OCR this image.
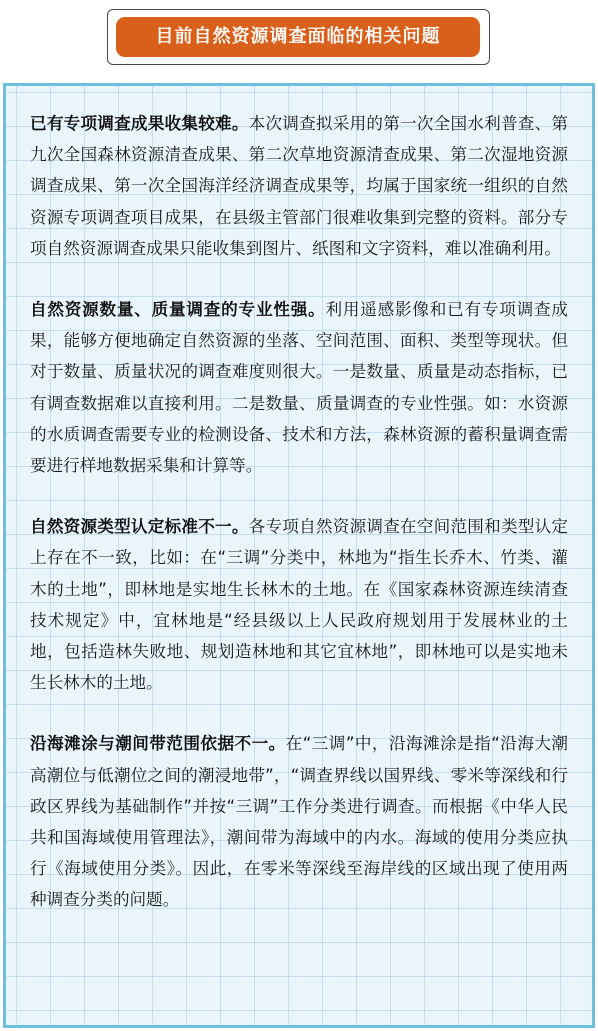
目前自然资源调查面临的相关问题

已有专项调查成果收集较难。本次调查拟采用的第一次全国水利普查、第九次全国森林资源清查成果、第二次草地资源清查成果、第二次湿地资源调查成果、第一次全国海洋经济调查成果等，均属于国家统一组织的自然资源专项调查项目成果，在县级主管部门很难收集到完整的资料。部分专项自然资源调查成果只能收集到图片、纸图和文字资料，难以准确利用。

自然资源数量、质量调查的专业性强。利用遥感影像和已有专项调查成果，能够方便地确定自然资源的坐落、空间范围、面积、类型等现状。但对于数量、质量状况的调查难度则很大。一是数量、质量是动态指标，已有调查数据难以直接利用。二是数量、质量调查的专业性强。如：水资源的水质调查需要专业的检测设备、技术和方法，森林资源的蓄积量调查需要进行样地数据采集和计算等。

自然资源类型认定标准不一。各专项自然资源调查在空间范围和类型认定上存在不一致，比如：在“三调”分类中，林地为“指生长乔木、竹类、灌木的土地”，即林地是实地生长林木的土地。在《国家森林资源连续清查技术规定》中，宜林地是“经县级以上人民政府规划用于发展林业的土地，包括造林失败地、规划造林地和其它宜林地”，即林地可以是实地未生长林木的土地。

沿海滩涂与潮间带范围依据不一。在“三调”中，沿海滩涂是指“沿海大潮高潮位与低潮位之间的潮浸地带”，“调查界线以国界线、零米等深线和行政区界线为基础制作”并按“三调”工作分类进行调查。而根据《中华人民共和国海域使用管理法》，潮间带为海域中的内水。海域的使用分类应执行《海域使用分类》。因此，在零米等深线至海岸线的区域出现了使用两种调查分类的问题。
